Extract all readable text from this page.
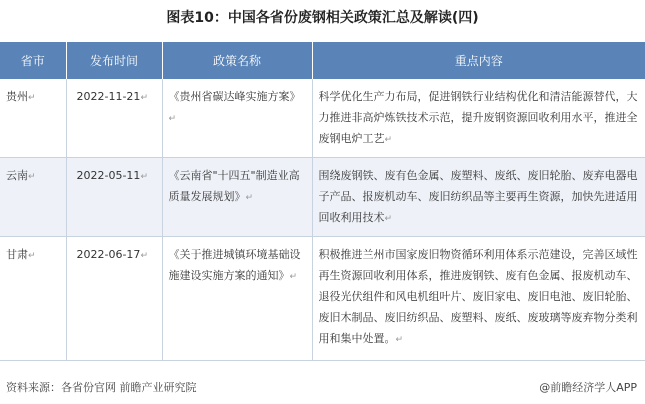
图表10：中国各省份废钢相关政策汇总及解读(四)
省市	发布时间	政策名称	重点内容
贵州↵	2022-11-21↵	《贵州省碳达峰实施方案》↵	科学优化生产力布局，促进钢铁行业结构优化和清洁能源替代，大力推进非高炉炼铁技术示范，提升废钢资源回收利用水平，推进全废钢电炉工艺↵
云南↵	2022-05-11↵	《云南省"十四五"制造业高质量发展规划》↵	围绕废钢铁、废有色金属、废塑料、废纸、废旧轮胎、废弃电器电子产品、报废机动车、废旧纺织品等主要再生资源，加快先进适用回收利用技术↵
甘肃↵	2022-06-17↵	《关于推进城镇环境基础设施建设实施方案的通知》↵	积极推进兰州市国家废旧物资循环利用体系示范建设，完善区域性再生资源回收利用体系，推进废钢铁、废有色金属、报废机动车、退役光伏组件和风电机组叶片、废旧家电、废旧电池、废旧轮胎、废旧木制品、废旧纺织品、废塑料、废纸、废玻璃等废弃物分类利用和集中处置。↵
资料来源：各省份官网 前瞻产业研究院	@前瞻经济学人APP
